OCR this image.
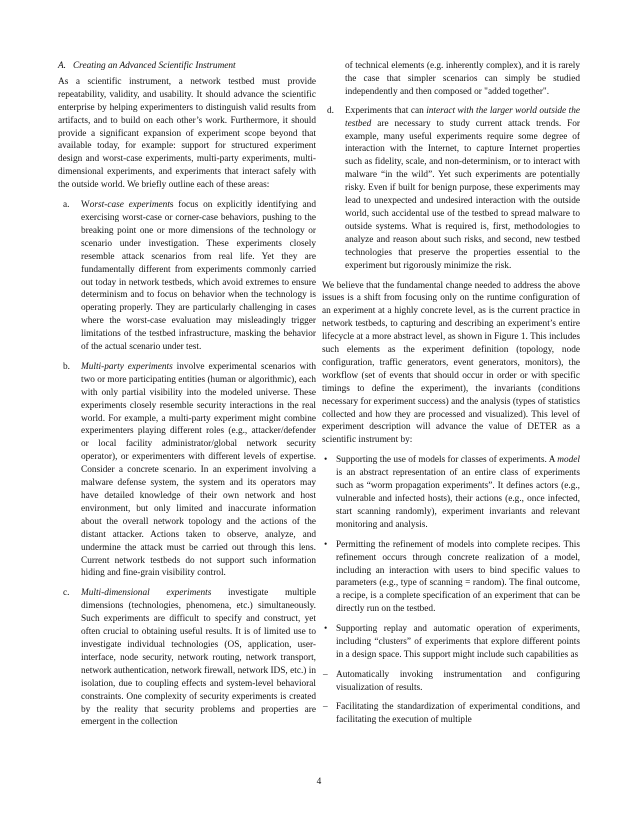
A.   Creating an Advanced Scientific Instrument

As a scientific instrument, a network testbed must provide repeatability, validity, and usability. It should advance the scientific enterprise by helping experimenters to distinguish valid results from artifacts, and to build on each other’s work. Furthermore, it should provide a significant expansion of experiment scope beyond that available today, for example: support for structured experiment design and worst-case experiments, multi-party experiments, multi-dimensional experiments, and experiments that interact safely with the outside world. We briefly outline each of these areas:

a. Worst-case experiments focus on explicitly identifying and exercising worst-case or corner-case behaviors, pushing to the breaking point one or more dimensions of the technology or scenario under investigation. These experiments closely resemble attack scenarios from real life. Yet they are fundamentally different from experiments commonly carried out today in network testbeds, which avoid extremes to ensure determinism and to focus on behavior when the technology is operating properly. They are particularly challenging in cases where the worst-case evaluation may misleadingly trigger limitations of the testbed infrastructure, masking the behavior of the actual scenario under test.
b. Multi-party experiments involve experimental scenarios with two or more participating entities (human or algorithmic), each with only partial visibility into the modeled universe. These experiments closely resemble security interactions in the real world. For example, a multi-party experiment might combine experimenters playing different roles (e.g., attacker/defender or local facility administrator/global network security operator), or experimenters with different levels of expertise. Consider a concrete scenario. In an experiment involving a malware defense system, the system and its operators may have detailed knowledge of their own network and host environment, but only limited and inaccurate information about the overall network topology and the actions of the distant attacker. Actions taken to observe, analyze, and undermine the attack must be carried out through this lens. Current network testbeds do not support such information hiding and fine-grain visibility control.
c. Multi-dimensional experiments investigate multiple dimensions (technologies, phenomena, etc.) simultaneously. Such experiments are difficult to specify and construct, yet often crucial to obtaining useful results. It is of limited use to investigate individual technologies (OS, application, user-interface, node security, network routing, network transport, network authentication, network firewall, network IDS, etc.) in isolation, due to coupling effects and system-level behavioral constraints. One complexity of security experiments is created by the reality that security problems and properties are emergent in the collection
of technical elements (e.g. inherently complex), and it is rarely the case that simpler scenarios can simply be studied independently and then composed or "added together".
d. Experiments that can interact with the larger world outside the testbed are necessary to study current attack trends. For example, many useful experiments require some degree of interaction with the Internet, to capture Internet properties such as fidelity, scale, and non-determinism, or to interact with malware “in the wild”. Yet such experiments are potentially risky. Even if built for benign purpose, these experiments may lead to unexpected and undesired interaction with the outside world, such accidental use of the testbed to spread malware to outside systems. What is required is, first, methodologies to analyze and reason about such risks, and second, new testbed technologies that preserve the properties essential to the experiment but rigorously minimize the risk.

We believe that the fundamental change needed to address the above issues is a shift from focusing only on the runtime configuration of an experiment at a highly concrete level, as is the current practice in network testbeds, to capturing and describing an experiment’s entire lifecycle at a more abstract level, as shown in Figure 1. This includes such elements as the experiment definition (topology, node configuration, traffic generators, event generators, monitors), the workflow (set of events that should occur in order or with specific timings to define the experiment), the invariants (conditions necessary for experiment success) and the analysis (types of statistics collected and how they are processed and visualized). This level of experiment description will advance the value of DETER as a scientific instrument by:

• Supporting the use of models for classes of experiments. A model is an abstract representation of an entire class of experiments such as “worm propagation experiments”. It defines actors (e.g., vulnerable and infected hosts), their actions (e.g., once infected, start scanning randomly), experiment invariants and relevant monitoring and analysis.
• Permitting the refinement of models into complete recipes. This refinement occurs through concrete realization of a model, including an interaction with users to bind specific values to parameters (e.g., type of scanning = random). The final outcome, a recipe, is a complete specification of an experiment that can be directly run on the testbed.
• Supporting replay and automatic operation of experiments, including “clusters” of experiments that explore different points in a design space. This support might include such capabilities as
– Automatically invoking instrumentation and configuring visualization of results.
– Facilitating the standardization of experimental conditions, and facilitating the execution of multiple
4
